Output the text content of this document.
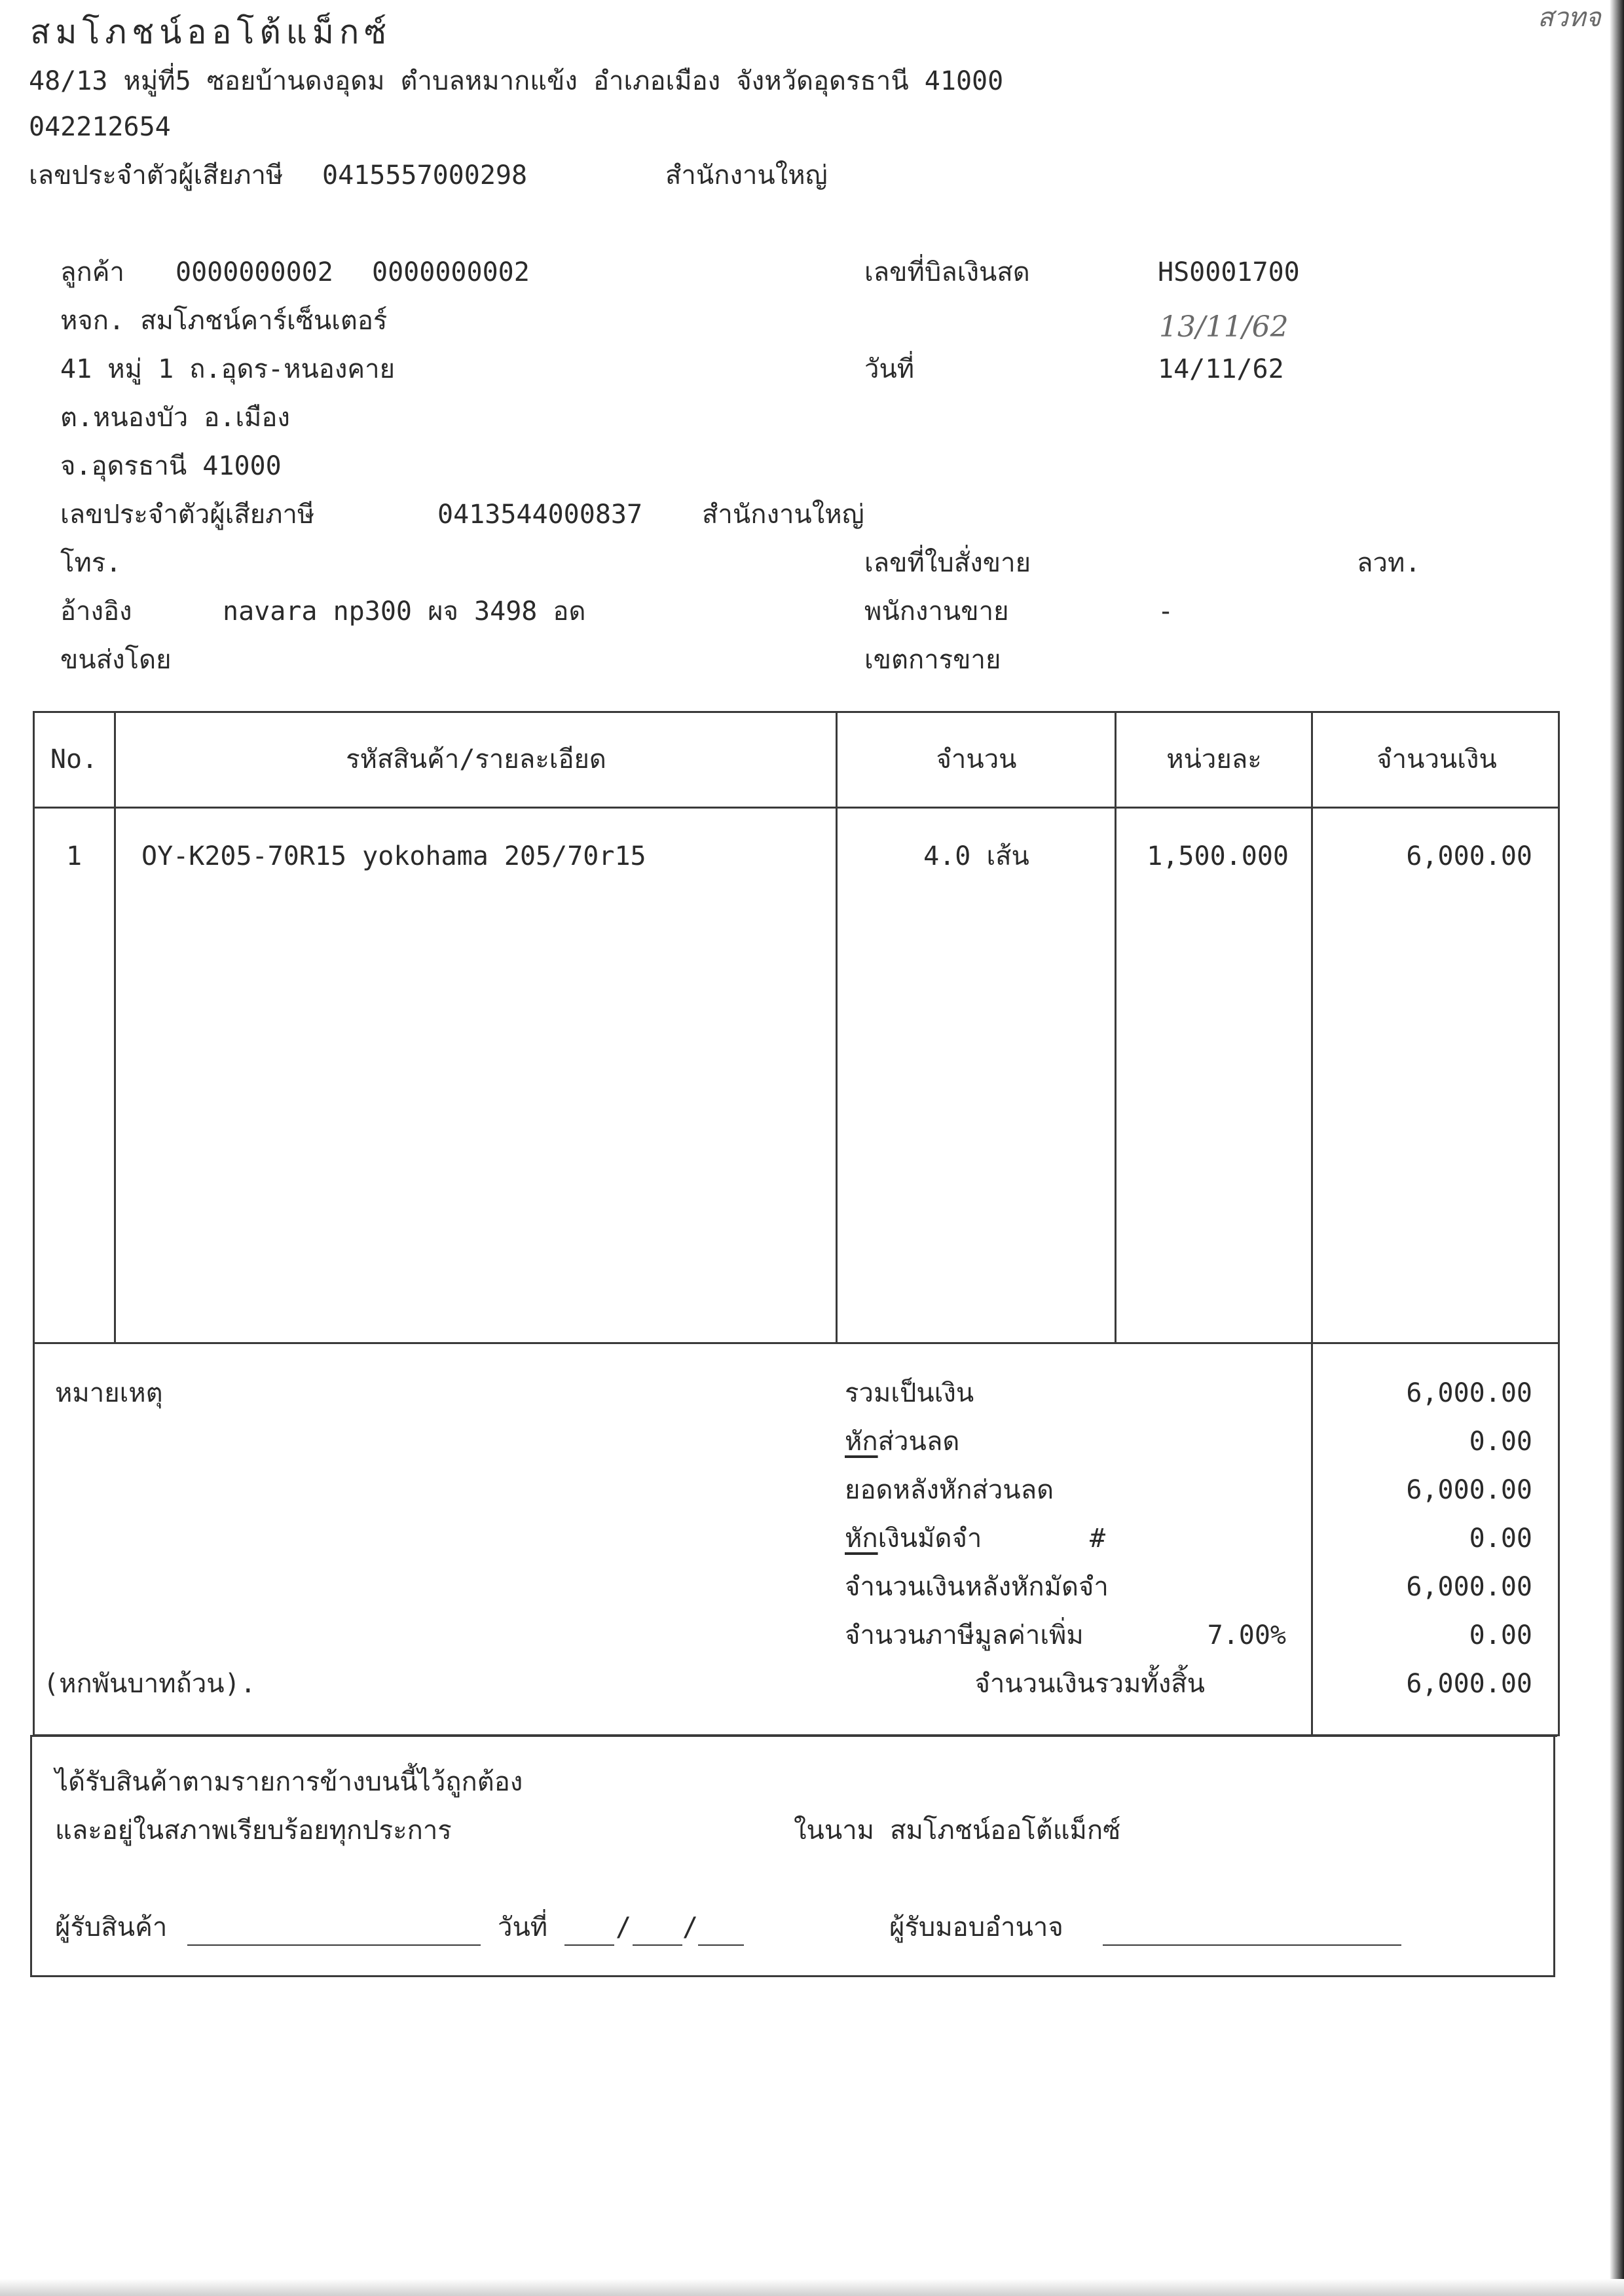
สมโภชน์ออโต้แม็กซ์	สวทจ
48/13 หมู่ที่5 ซอยบ้านดงอุดม ตำบลหมากแข้ง อำเภอเมือง จังหวัดอุดรธานี 41000
042212654
เลขประจำตัวผู้เสียภาษี 0415557000298	สำนักงานใหญ่
ลูกค้า 0000000002 0000000002
หจก. สมโภชน์คาร์เซ็นเตอร์
41 หมู่ 1 ถ.อุดร-หนองคาย
ต.หนองบัว อ.เมือง
จ.อุดรธานี 41000
เลขประจำตัวผู้เสียภาษี	0413544000837 สำนักงานใหญ่
โทร.
อ้างอิง	navara np300 ผจ 3498 อด
ขนส่งโดย
เลขที่บิลเงินสด	HS0001700
13/11/62
วันที่	14/11/62
เลขที่ใบสั่งขาย	ลวท.
พนักงานขาย	-
เขตการขาย
No.	รหัสสินค้า/รายละเอียด	จำนวน	หน่วยละ	จำนวนเงิน
1	OY-K205-70R15 yokohama 205/70r15	4.0 เส้น	1,500.000	6,000.00
หมายเหตุ	รวมเป็นเงิน	6,000.00
หักส่วนลด	0.00
ยอดหลังหักส่วนลด	6,000.00
หักเงินมัดจำ	#	0.00
จำนวนเงินหลังหักมัดจำ	6,000.00
จำนวนภาษีมูลค่าเพิ่ม	7.00%	0.00
(หกพันบาทถ้วน).	จำนวนเงินรวมทั้งสิ้น	6,000.00
ได้รับสินค้าตามรายการข้างบนนี้ไว้ถูกต้อง
และอยู่ในสภาพเรียบร้อยทุกประการ	ในนาม สมโภชน์ออโต้แม็กซ์
ผู้รับสินค้า	วันที่	/ /	ผู้รับมอบอำนาจ
